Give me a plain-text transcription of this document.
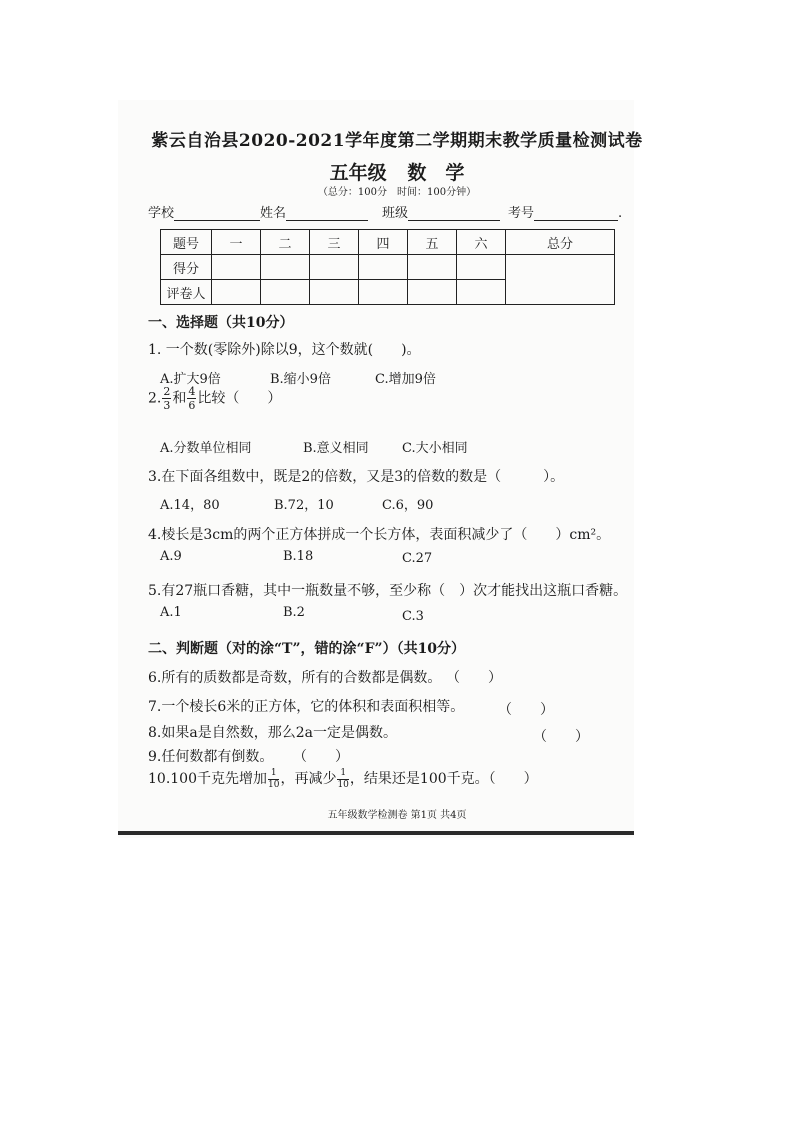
紫云自治县2020-2021学年度第二学期期末教学质量检测试卷
五年级 数　学
（总分：100分　时间：100分钟）
学校	姓名	班级	考号	.
题号	一	二	三	四	五	六	总分
得分							
评卷人							
一、选择题（共10分）
1. 一个数(零除外)除以9，这个数就(　　)。
A.扩大9倍	B.缩小9倍	C.增加9倍
2. $\frac{2}{3}$ 和 $\frac{4}{6}$ 比较（　　）
A.分数单位相同	B.意义相同	C.大小相同
3.在下面各组数中，既是2的倍数，又是3的倍数的数是（　　　）。
A.14，80	B.72，10	C.6，90
4.棱长是3cm的两个正方体拼成一个长方体，表面积减少了（　　）cm²。
A.9	B.18	C.27
5.有27瓶口香糖，其中一瓶数量不够，至少称（　）次才能找出这瓶口香糖。
A.1	B.2	C.3
二、判断题（对的涂“T”，错的涂“F”）（共10分）
6.所有的质数都是奇数，所有的合数都是偶数。 （　　）
7.一个棱长6米的正方体，它的体积和表面积相等。 （　　）
8.如果a是自然数，那么2a一定是偶数。	（　　）
9.任何数都有倒数。 （　　）
10.100千克先增加 $\frac{1}{10}$ ，再减少 $\frac{1}{10}$ ，结果还是100千克。（　　）
五年级数学检测卷 第1页 共4页
